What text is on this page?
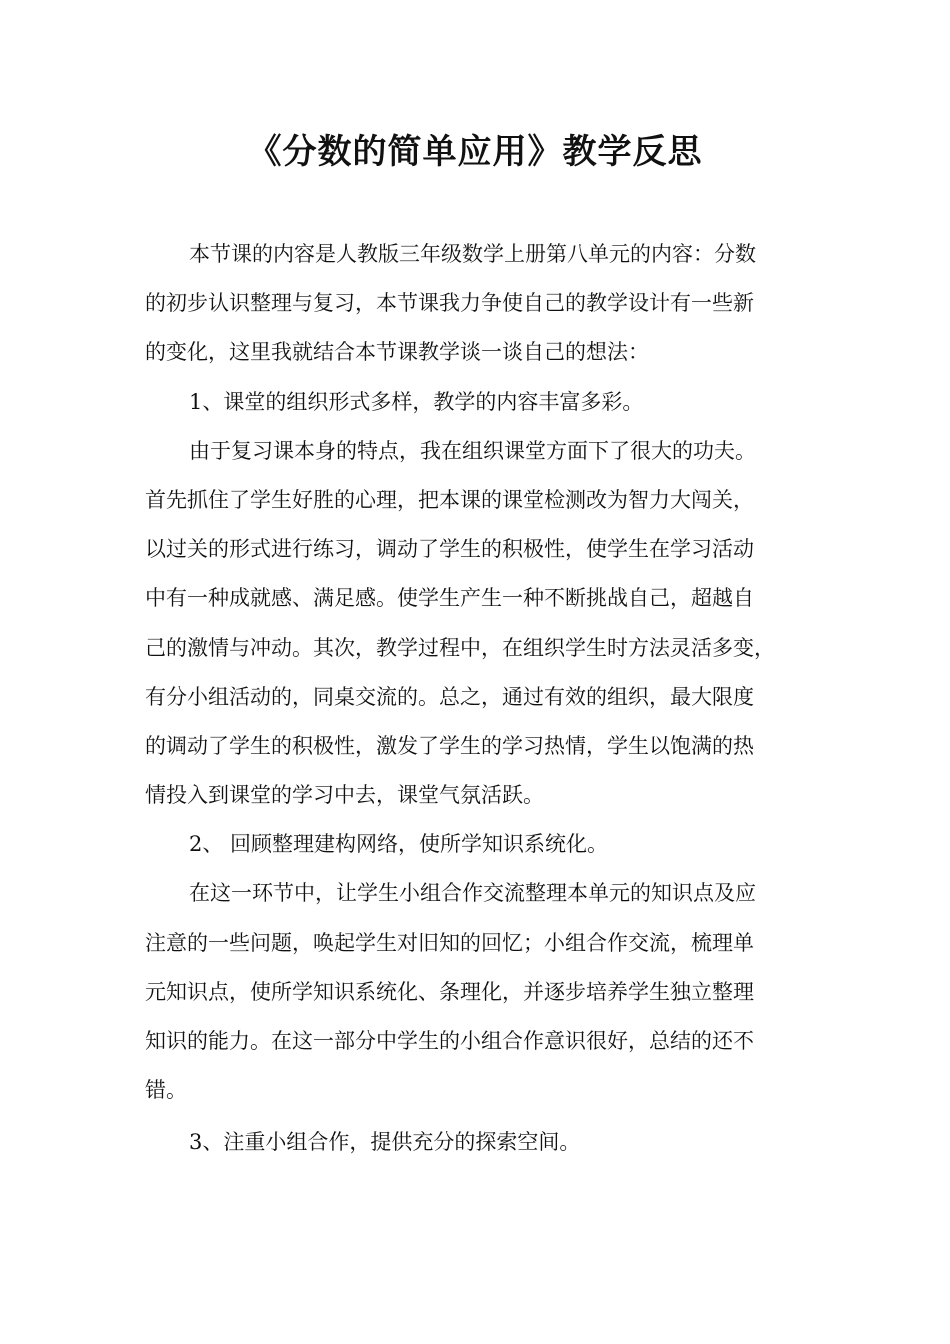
《分数的简单应用》教学反思
本节课的内容是人教版三年级数学上册第八单元的内容：分数
的初步认识整理与复习，本节课我力争使自己的教学设计有一些新
的变化，这里我就结合本节课教学谈一谈自己的想法：
1、课堂的组织形式多样，教学的内容丰富多彩。
由于复习课本身的特点，我在组织课堂方面下了很大的功夫。
首先抓住了学生好胜的心理，把本课的课堂检测改为智力大闯关，
以过关的形式进行练习，调动了学生的积极性，使学生在学习活动
中有一种成就感、满足感。使学生产生一种不断挑战自己，超越自
己的激情与冲动。其次，教学过程中，在组织学生时方法灵活多变，
有分小组活动的，同桌交流的。总之，通过有效的组织，最大限度
的调动了学生的积极性，激发了学生的学习热情，学生以饱满的热
情投入到课堂的学习中去，课堂气氛活跃。
2、 回顾整理建构网络，使所学知识系统化。
在这一环节中，让学生小组合作交流整理本单元的知识点及应
注意的一些问题，唤起学生对旧知的回忆；小组合作交流，梳理单
元知识点，使所学知识系统化、条理化，并逐步培养学生独立整理
知识的能力。在这一部分中学生的小组合作意识很好，总结的还不
错。
3、注重小组合作，提供充分的探索空间。
